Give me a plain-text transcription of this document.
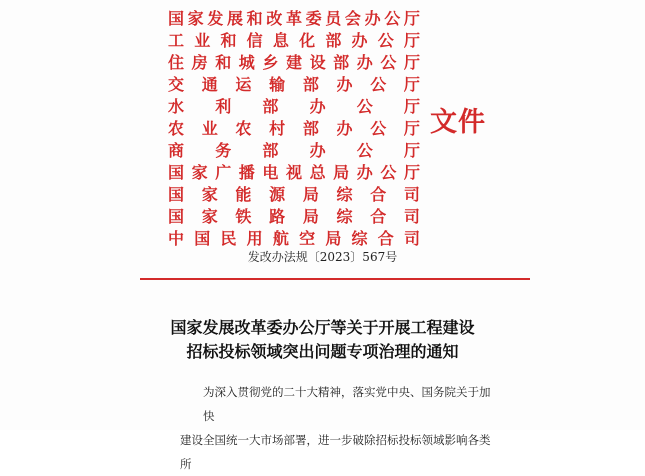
国 家 发 展 和 改 革 委 员 会 办 公 厅
工 业 和 信 息 化 部 办 公 厅
住 房 和 城 乡 建 设 部 办 公 厅
交 通 运 输 部 办 公 厅
水 利 部 办 公 厅
农 业 农 村 部 办 公 厅
商 务 部 办 公 厅
国 家 广 播 电 视 总 局 办 公 厅
国 家 能 源 局 综 合 司
国 家 铁 路 局 综 合 司
中 国 民 用 航 空 局 综 合 司
文件
发改办法规〔2023〕567号
国家发展改革委办公厅等关于开展工程建设
招标投标领域突出问题专项治理的通知
为深入贯彻党的二十大精神，落实党中央、国务院关于加快
建设全国统一大市场部署，进一步破除招标投标领域影响各类所
